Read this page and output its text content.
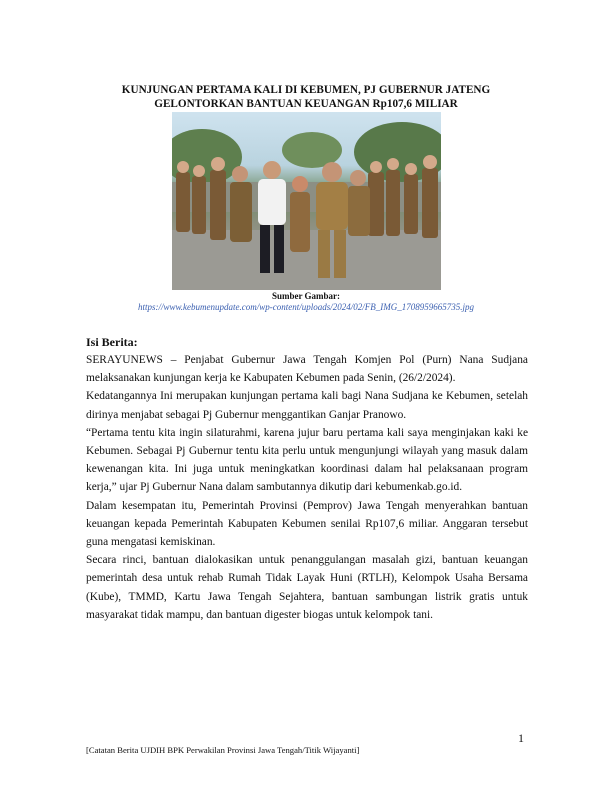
KUNJUNGAN PERTAMA KALI DI KEBUMEN, PJ GUBERNUR JATENG
GELONTORKAN BANTUAN KEUANGAN Rp107,6 MILIAR
Sumber Gambar:
https://www.kebumenupdate.com/wp-content/uploads/2024/02/FB_IMG_1708959665735.jpg
Isi Berita:

SERAYUNEWS – Penjabat Gubernur Jawa Tengah Komjen Pol (Purn) Nana Sudjana melaksanakan kunjungan kerja ke Kabupaten Kebumen pada Senin, (26/2/2024).

Kedatangannya Ini merupakan kunjungan pertama kali bagi Nana Sudjana ke Kebumen, setelah dirinya menjabat sebagai Pj Gubernur menggantikan Ganjar Pranowo.

“Pertama tentu kita ingin silaturahmi, karena jujur baru pertama kali saya menginjakan kaki ke Kebumen. Sebagai Pj Gubernur tentu kita perlu untuk mengunjungi wilayah yang masuk dalam kewenangan kita. Ini juga untuk meningkatkan koordinasi dalam hal pelaksanaan program kerja,” ujar Pj Gubernur Nana dalam sambutannya dikutip dari kebumenkab.go.id.

Dalam kesempatan itu, Pemerintah Provinsi (Pemprov) Jawa Tengah menyerahkan bantuan keuangan kepada Pemerintah Kabupaten Kebumen senilai Rp107,6 miliar. Anggaran tersebut guna mengatasi kemiskinan.

Secara rinci, bantuan dialokasikan untuk penanggulangan masalah gizi, bantuan keuangan pemerintah desa untuk rehab Rumah Tidak Layak Huni (RTLH), Kelompok Usaha Bersama (Kube), TMMD, Kartu Jawa Tengah Sejahtera, bantuan sambungan listrik gratis untuk masyarakat tidak mampu, dan bantuan digester biogas untuk kelompok tani.

1
[Catatan Berita UJDIH BPK Perwakilan Provinsi Jawa Tengah/Titik Wijayanti]
